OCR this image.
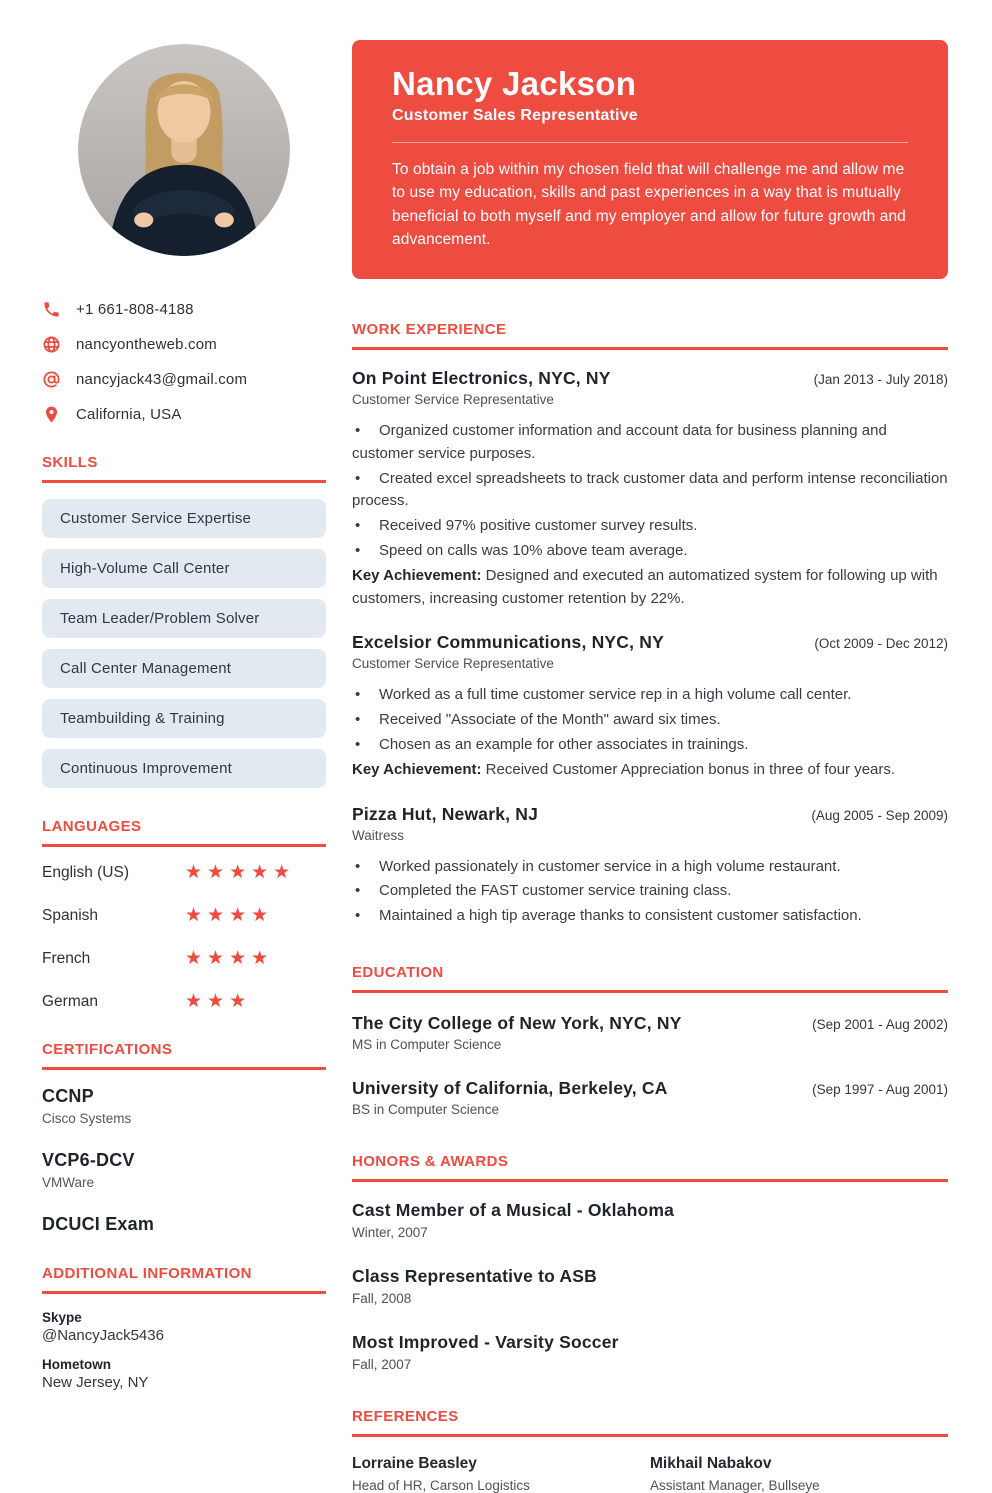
+1 661-808-4188
nancyontheweb.com
nancyjack43@gmail.com
California, USA
SKILLS
Customer Service Expertise
High-Volume Call Center
Team Leader/Problem Solver
Call Center Management
Teambuilding & Training
Continuous Improvement
LANGUAGES
English (US)	★★★★★
Spanish	★★★★
French	★★★★
German	★★★
CERTIFICATIONS
CCNP
Cisco Systems
VCP6-DCV
VMWare
DCUCI Exam
ADDITIONAL INFORMATION
Skype
@NancyJack5436
Hometown
New Jersey, NY
Nancy Jackson
Customer Sales Representative
To obtain a job within my chosen field that will challenge me and allow me to use my education, skills and past experiences in a way that is mutually beneficial to both myself and my employer and allow for future growth and advancement.
WORK EXPERIENCE
On Point Electronics, NYC, NY	(Jan 2013 - July 2018)
Customer Service Representative

• Organized customer information and account data for business planning and customer service purposes.

• Created excel spreadsheets to track customer data and perform intense reconciliation process.

• Received 97% positive customer survey results.

• Speed on calls was 10% above team average.

Key Achievement: Designed and executed an automatized system for following up with customers, increasing customer retention by 22%.

Excelsior Communications, NYC, NY	(Oct 2009 - Dec 2012)
Customer Service Representative

• Worked as a full time customer service rep in a high volume call center.

• Received "Associate of the Month" award six times.

• Chosen as an example for other associates in trainings.

Key Achievement: Received Customer Appreciation bonus in three of four years.

Pizza Hut, Newark, NJ	(Aug 2005 - Sep 2009)
Waitress

• Worked passionately in customer service in a high volume restaurant.

• Completed the FAST customer service training class.

• Maintained a high tip average thanks to consistent customer satisfaction.

EDUCATION
The City College of New York, NYC, NY	(Sep 2001 - Aug 2002)
MS in Computer Science
University of California, Berkeley, CA	(Sep 1997 - Aug 2001)
BS in Computer Science
HONORS & AWARDS
Cast Member of a Musical - Oklahoma
Winter, 2007
Class Representative to ASB
Fall, 2008
Most Improved - Varsity Soccer
Fall, 2007
REFERENCES
Lorraine Beasley
Head of HR, Carson Logistics
Mikhail Nabakov
Assistant Manager, Bullseye
